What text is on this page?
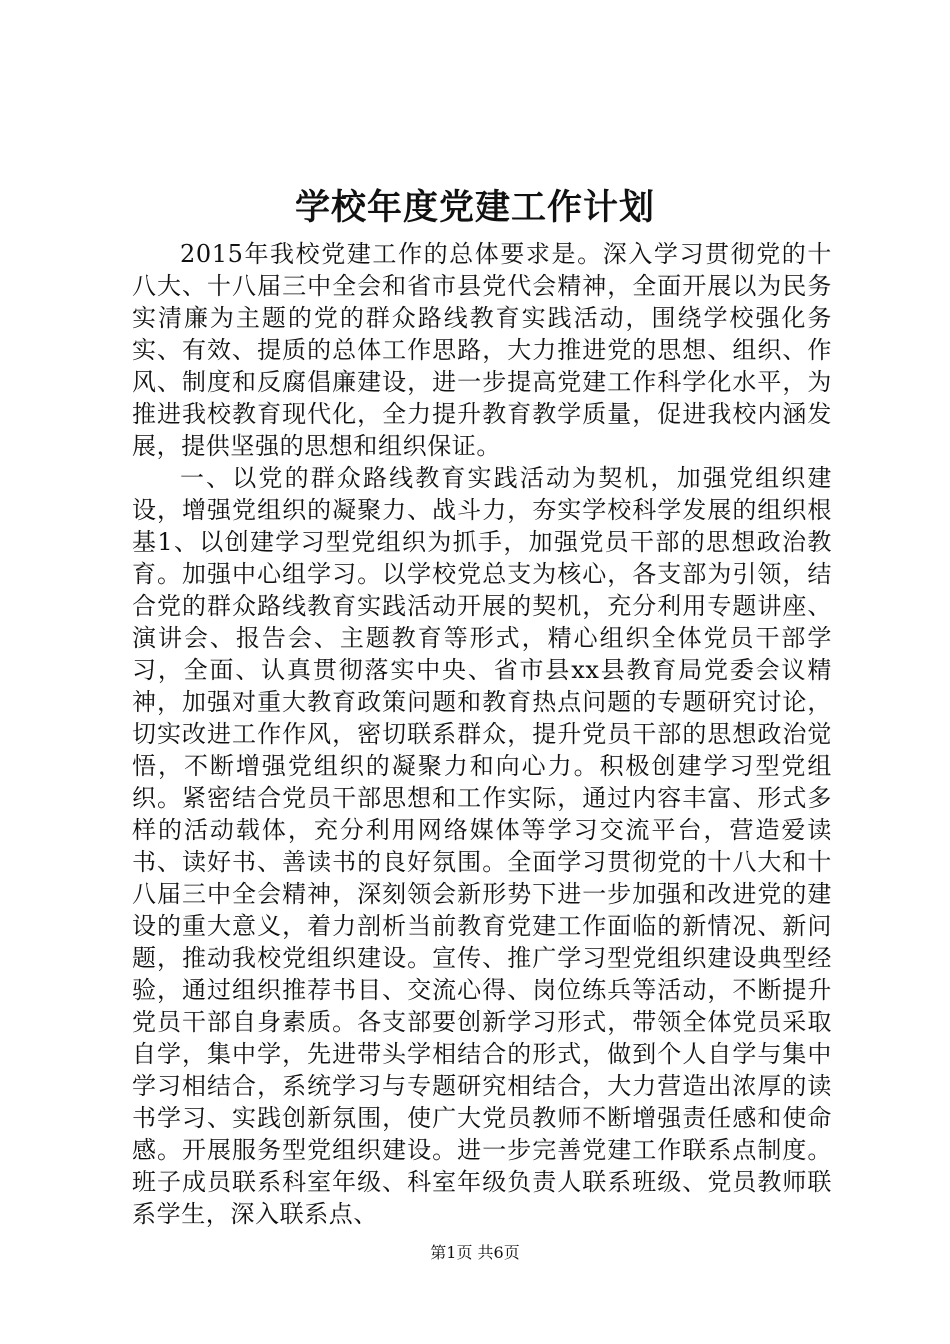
学校年度党建工作计划

2015年我校党建工作的总体要求是。深入学习贯彻党的十八大、十八届三中全会和省市县党代会精神，全面开展以为民务实清廉为主题的党的群众路线教育实践活动，围绕学校强化务实、有效、提质的总体工作思路，大力推进党的思想、组织、作风、制度和反腐倡廉建设，进一步提高党建工作科学化水平，为推进我校教育现代化，全力提升教育教学质量，促进我校内涵发展，提供坚强的思想和组织保证。

一、以党的群众路线教育实践活动为契机，加强党组织建设，增强党组织的凝聚力、战斗力，夯实学校科学发展的组织根基1、以创建学习型党组织为抓手，加强党员干部的思想政治教育。加强中心组学习。以学校党总支为核心，各支部为引领，结合党的群众路线教育实践活动开展的契机，充分利用专题讲座、演讲会、报告会、主题教育等形式，精心组织全体党员干部学习，全面、认真贯彻落实中央、省市县xx县教育局党委会议精神，加强对重大教育政策问题和教育热点问题的专题研究讨论，切实改进工作作风，密切联系群众，提升党员干部的思想政治觉悟，不断增强党组织的凝聚力和向心力。积极创建学习型党组织。紧密结合党员干部思想和工作实际，通过内容丰富、形式多样的活动载体，充分利用网络媒体等学习交流平台，营造爱读书、读好书、善读书的良好氛围。全面学习贯彻党的十八大和十八届三中全会精神，深刻领会新形势下进一步加强和改进党的建设的重大意义，着力剖析当前教育党建工作面临的新情况、新问题，推动我校党组织建设。宣传、推广学习型党组织建设典型经验，通过组织推荐书目、交流心得、岗位练兵等活动，不断提升党员干部自身素质。各支部要创新学习形式，带领全体党员采取自学，集中学，先进带头学相结合的形式，做到个人自学与集中学习相结合，系统学习与专题研究相结合，大力营造出浓厚的读书学习、实践创新氛围，使广大党员教师不断增强责任感和使命感。开展服务型党组织建设。进一步完善党建工作联系点制度。班子成员联系科室年级、科室年级负责人联系班级、党员教师联系学生，深入联系点、

第1页 共6页
